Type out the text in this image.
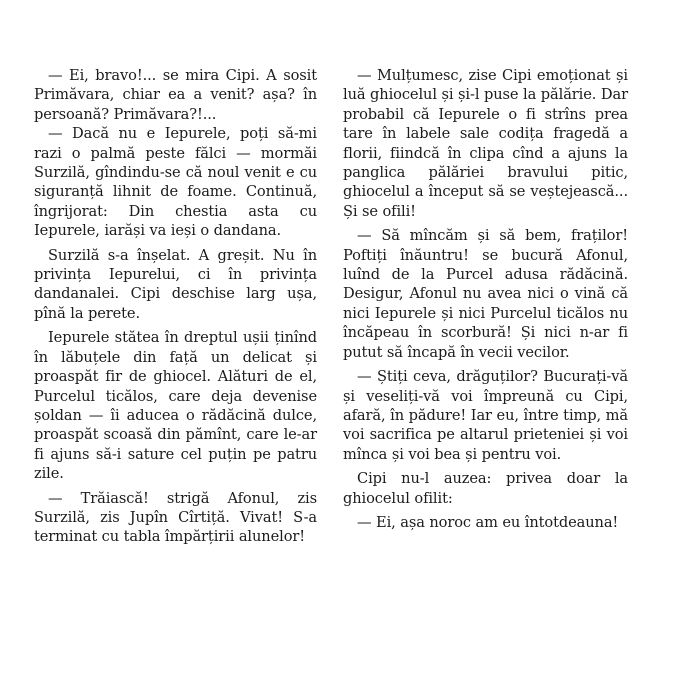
— Ei, bravo!... se mira Cipi. A sosit Primăvara, chiar ea a venit? așa? în persoană? Primăvara?!...

— Dacă nu e Iepurele, poți să-mi razi o palmă peste fălci — mormăi Surzilă, gîndindu-se că noul venit e cu siguranță lihnit de foame. Continuă, îngrijorat: Din chestia asta cu Iepurele, iarăși va ieși o dandana.

Surzilă s-a înșelat. A greșit. Nu în privința Iepurelui, ci în privința dandanalei. Cipi deschise larg ușa, pînă la perete.

Iepurele stătea în dreptul ușii ținînd în lăbuțele din față un delicat și proaspăt fir de ghiocel. Alături de el, Purcelul ticălos, care deja devenise șoldan — îi aducea o rădăcină dulce, proaspăt scoasă din pămînt, care le-ar fi ajuns să-i sature cel puțin pe patru zile.

— Trăiască! strigă Afonul, zis Surzilă, zis Jupîn Cîrtiță. Vivat! S-a terminat cu tabla împărțirii alunelor!

— Mulțumesc, zise Cipi emoționat și luă ghiocelul și și-l puse la pălărie. Dar probabil că Iepurele o fi strîns prea tare în labele sale codița fragedă a florii, fiindcă în clipa cînd a ajuns la panglica pălăriei bravului pitic, ghiocelul a început să se veștejească... Și se ofili!

— Să mîncăm și să bem, fraților! Poftiți înăuntru! se bucură Afonul, luînd de la Purcel adusa rădăcină. Desigur, Afonul nu avea nici o vină că nici Iepurele și nici Purcelul ticălos nu încăpeau în scorbură! Și nici n-ar fi putut să încapă în vecii vecilor.

— Știți ceva, drăguților? Bucurați-vă și veseliți-vă voi împreună cu Cipi, afară, în pădure! Iar eu, între timp, mă voi sacrifica pe altarul prieteniei și voi mînca și voi bea și pentru voi.

Cipi nu-l auzea: privea doar la ghiocelul ofilit:

— Ei, așa noroc am eu întotdeauna!
